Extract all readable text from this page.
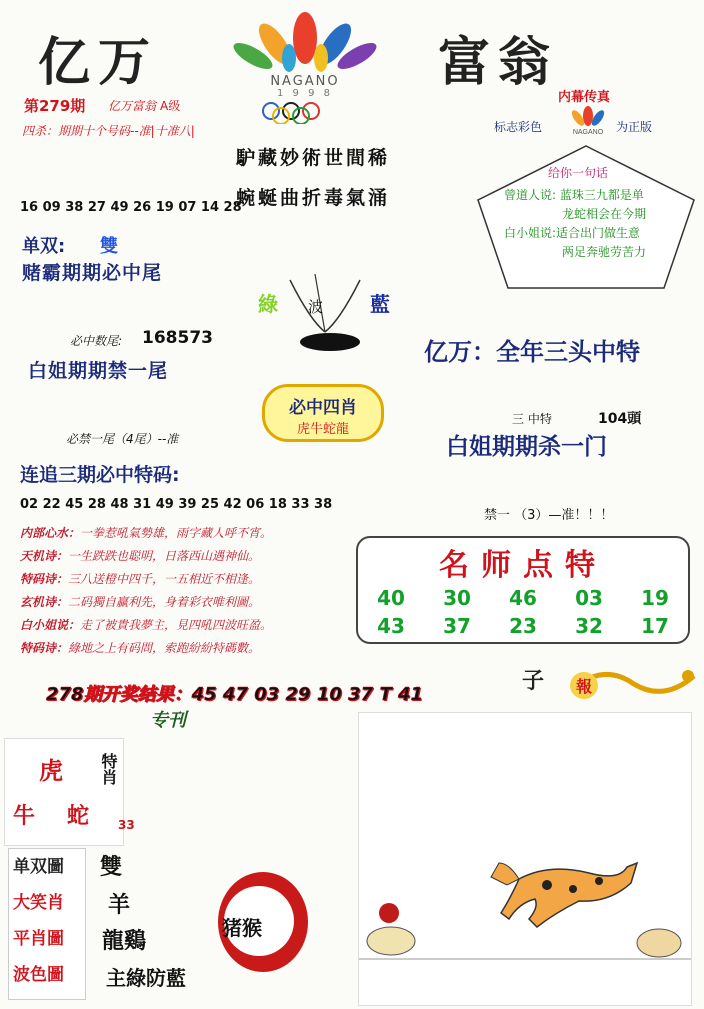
亿万	富翁
NAGANO
1 9 9 8
第279期 亿万富翁 A级
四杀：期期十个号码--准|十准八|
馿藏妙術世間稀
蜿蜒曲折毒氣涌
内幕传真
标志彩色	NAGANO 为正版
给你一句话
曾道人说: 蓝珠三九都是单
龙蛇相会在今期
白小姐说:适合出门做生意
两足奔驰劳苦力
16 09 38 27 49 26 19 07 14 28
单双: 雙
赌霸期期必中尾
綠 波 藍
必中数尾: 168573
白姐期期禁一尾
亿万：全年三头中特
必中四肖
虎牛蛇龍
三 中特	104頭
必禁一尾（4尾）--准	白姐期期杀一门
连追三期必中特码:
02 22 45 28 48 31 49 39 25 42 06 18 33 38
禁一 （3）—准！！！
内部心水：一拳惹吼氣勢雄，雨字藏人呼不宵。
天机诗：一生跌跌也聪明，日落西山遇神仙。
特码诗：三八送橙中四千，一五相近不相逢。
玄机诗：二码獨自贏利先，身着彩衣唯利圖。
白小姐说：走了被貴我夢主，見四吼四波旺盈。
特码诗：綠地之上有码問，索跑紛紛特碼數。
名师点特
40	30	46	03	19
43	37	23	32	17
278期开奖结果：45 47 03 29 10 37 T 41
专刊
子	報
虎
牛 蛇
特肖
33
单双圖
大笑肖
平肖圖
波色圖
雙
羊
龍鷄
主綠防藍
猪猴
